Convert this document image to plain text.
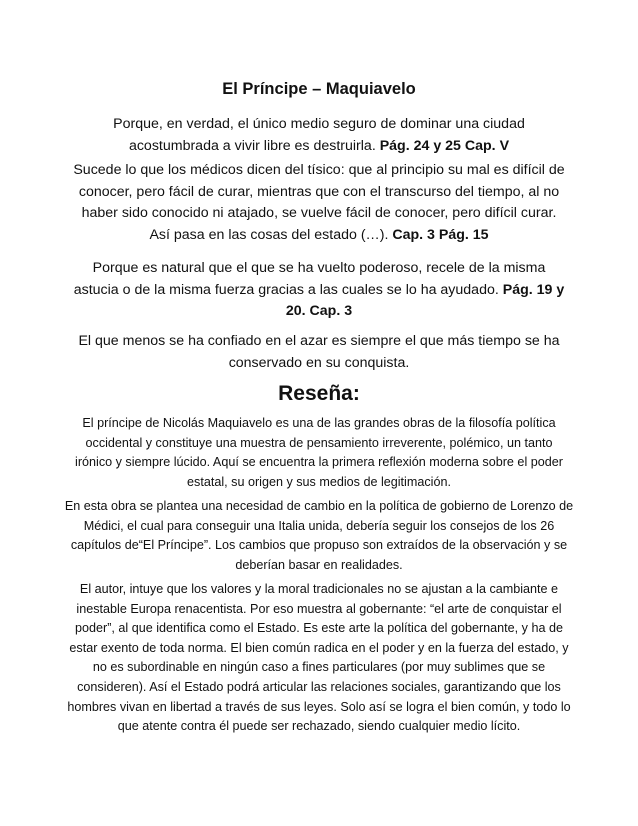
El Príncipe – Maquiavelo
Porque, en verdad, el único medio seguro de dominar una ciudad
acostumbrada a vivir libre es destruirla. Pág. 24 y 25 Cap. V
Sucede lo que los médicos dicen del tísico: que al principio su mal es difícil de
conocer, pero fácil de curar, mientras que con el transcurso del tiempo, al no
haber sido conocido ni atajado, se vuelve fácil de conocer, pero difícil curar.
Así pasa en las cosas del estado (…). Cap. 3 Pág. 15
Porque es natural que el que se ha vuelto poderoso, recele de la misma
astucia o de la misma fuerza gracias a las cuales se lo ha ayudado. Pág. 19 y
20. Cap. 3
El que menos se ha confiado en el azar es siempre el que más tiempo se ha
conservado en su conquista.
Reseña:
El príncipe de Nicolás Maquiavelo es una de las grandes obras de la filosofía política
occidental y constituye una muestra de pensamiento irreverente, polémico, un tanto
irónico y siempre lúcido. Aquí se encuentra la primera reflexión moderna sobre el poder
estatal, su origen y sus medios de legitimación.
En esta obra se plantea una necesidad de cambio en la política de gobierno de Lorenzo de
Médici, el cual para conseguir una Italia unida, debería seguir los consejos de los 26
capítulos de“El Príncipe”. Los cambios que propuso son extraídos de la observación y se
deberían basar en realidades.
El autor, intuye que los valores y la moral tradicionales no se ajustan a la cambiante e
inestable Europa renacentista. Por eso muestra al gobernante: “el arte de conquistar el
poder”, al que identifica como el Estado. Es este arte la política del gobernante, y ha de
estar exento de toda norma. El bien común radica en el poder y en la fuerza del estado, y
no es subordinable en ningún caso a fines particulares (por muy sublimes que se
consideren). Así el Estado podrá articular las relaciones sociales, garantizando que los
hombres vivan en libertad a través de sus leyes. Solo así se logra el bien común, y todo lo
que atente contra él puede ser rechazado, siendo cualquier medio lícito.
